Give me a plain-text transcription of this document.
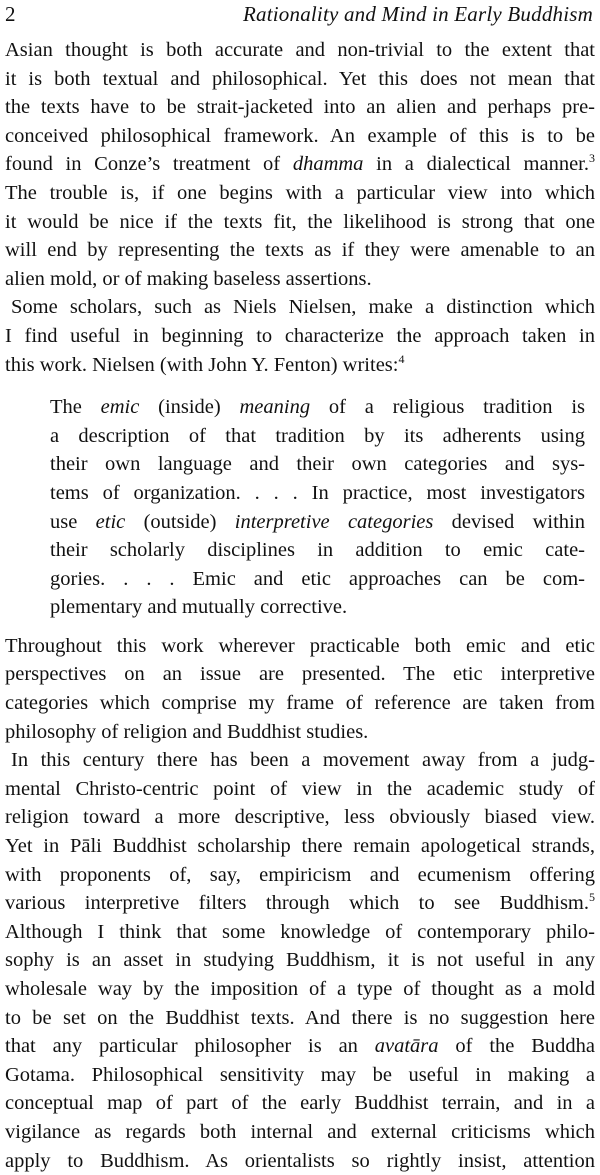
2	Rationality and Mind in Early Buddhism
Asian thought is both accurate and non-trivial to the extent that
it is both textual and philosophical. Yet this does not mean that
the texts have to be strait-jacketed into an alien and perhaps pre-
conceived philosophical framework. An example of this is to be
found in Conze’s treatment of dhamma in a dialectical manner.$^3$
The trouble is, if one begins with a particular view into which
it would be nice if the texts fit, the likelihood is strong that one
will end by representing the texts as if they were amenable to an
alien mold, or of making baseless assertions.
Some scholars, such as Niels Nielsen, make a distinction which
I find useful in beginning to characterize the approach taken in
this work. Nielsen (with John Y. Fenton) writes:$^4$
The emic (inside) meaning of a religious tradition is
a description of that tradition by its adherents using
their own language and their own categories and sys-
tems of organization. . . . In practice, most investigators
use etic (outside) interpretive categories devised within
their scholarly disciplines in addition to emic cate-
gories. . . . Emic and etic approaches can be com-
plementary and mutually corrective.
Throughout this work wherever practicable both emic and etic
perspectives on an issue are presented. The etic interpretive
categories which comprise my frame of reference are taken from
philosophy of religion and Buddhist studies.
In this century there has been a movement away from a judg-
mental Christo-centric point of view in the academic study of
religion toward a more descriptive, less obviously biased view.
Yet in Pāli Buddhist scholarship there remain apologetical strands,
with proponents of, say, empiricism and ecumenism offering
various interpretive filters through which to see Buddhism.$^5$
Although I think that some knowledge of contemporary philo-
sophy is an asset in studying Buddhism, it is not useful in any
wholesale way by the imposition of a type of thought as a mold
to be set on the Buddhist texts. And there is no suggestion here
that any particular philosopher is an avatāra of the Buddha
Gotama. Philosophical sensitivity may be useful in making a
conceptual map of part of the early Buddhist terrain, and in a
vigilance as regards both internal and external criticisms which
apply to Buddhism. As orientalists so rightly insist, attention
